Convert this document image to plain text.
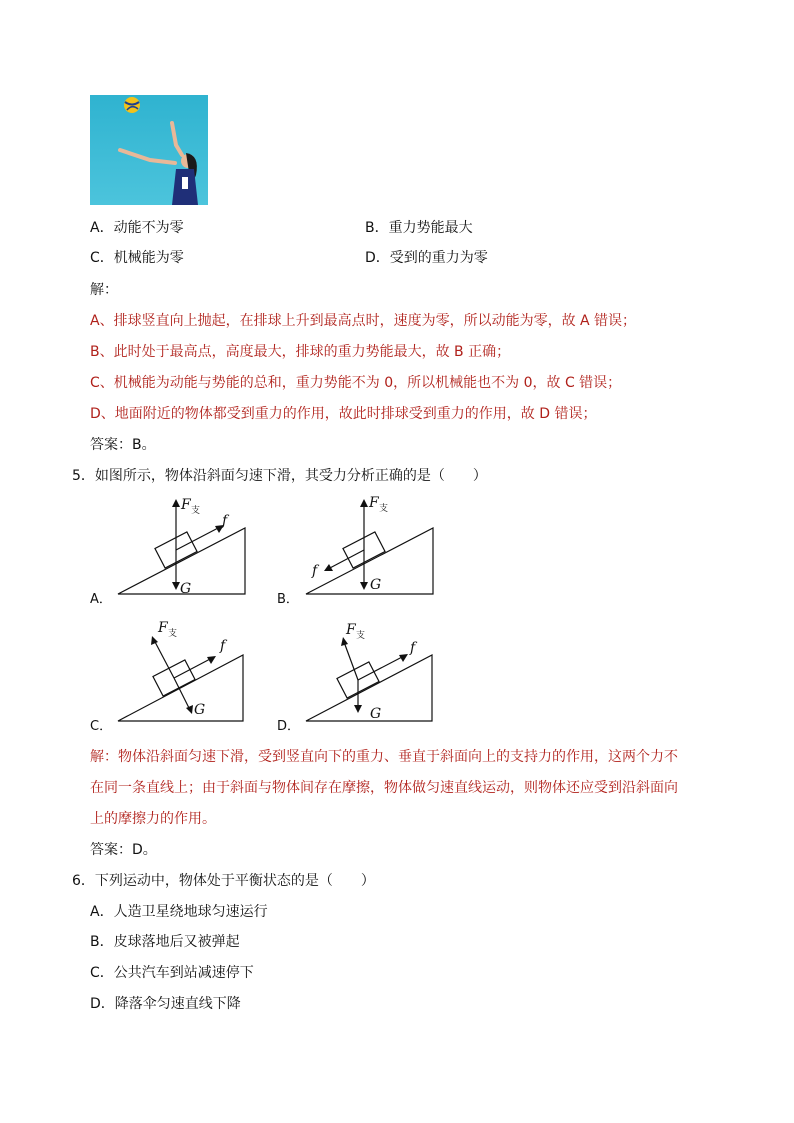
A．动能不为零	B．重力势能最大
C．机械能为零	D．受到的重力为零
解：
A、排球竖直向上抛起，在排球上升到最高点时，速度为零，所以动能为零，故 A 错误；
B、此时处于最高点，高度最大，排球的重力势能最大，故 B 正确；
C、机械能为动能与势能的总和，重力势能不为 0，所以机械能也不为 0，故 C 错误；
D、地面附近的物体都受到重力的作用，故此时排球受到重力的作用，故 D 错误；
答案：B。
5．如图所示，物体沿斜面匀速下滑，其受力分析正确的是（　　）
A．
F 支
f
G
B．
F 支
f
G
C．
F 支
f
G
D．
F 支
f
G
解：物体沿斜面匀速下滑，受到竖直向下的重力、垂直于斜面向上的支持力的作用，这两个力不
在同一条直线上；由于斜面与物体间存在摩擦，物体做匀速直线运动，则物体还应受到沿斜面向
上的摩擦力的作用。
答案：D。
6．下列运动中，物体处于平衡状态的是（　　）
A．人造卫星绕地球匀速运行
B．皮球落地后又被弹起
C．公共汽车到站减速停下
D．降落伞匀速直线下降
